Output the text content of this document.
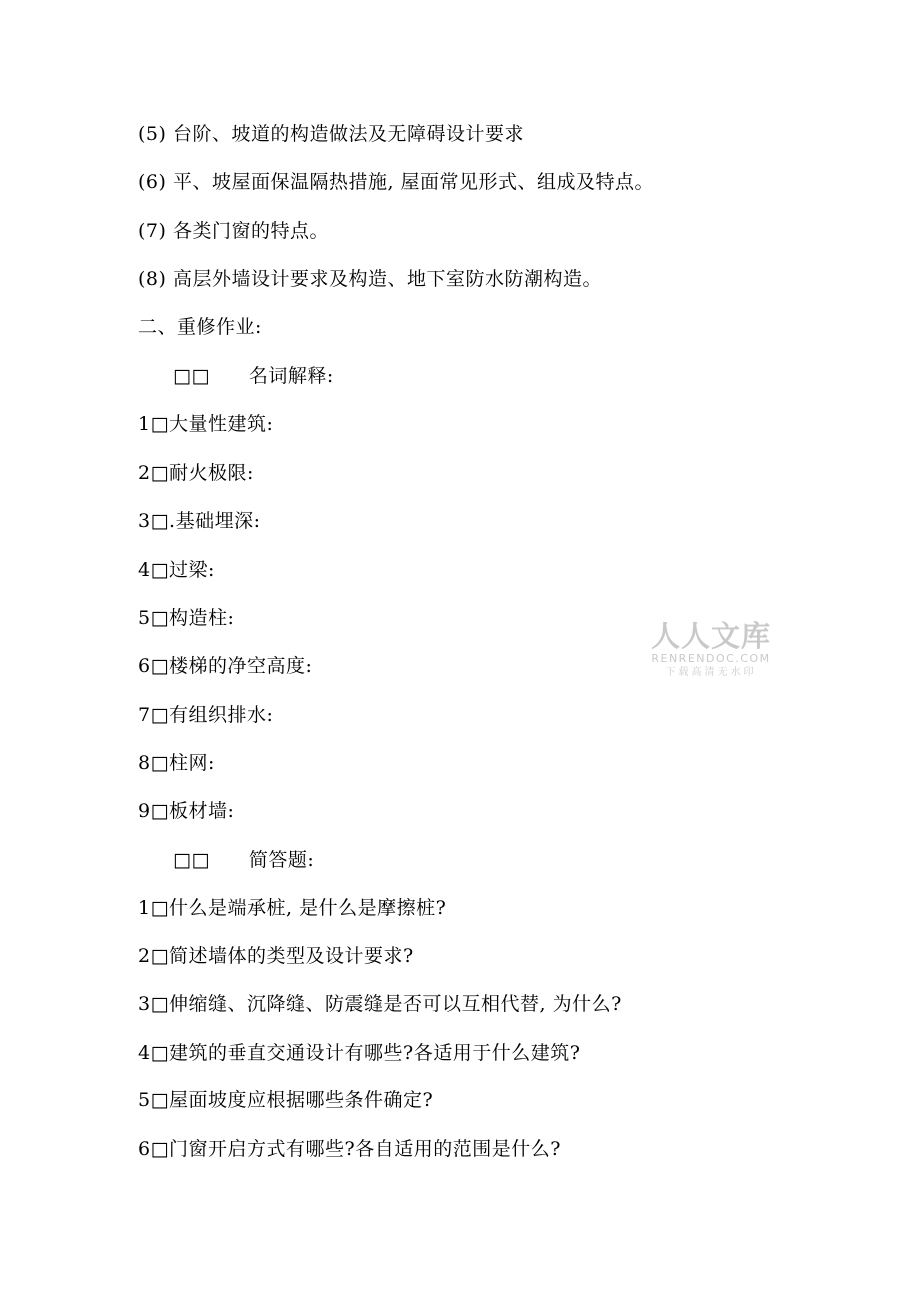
(5) 台阶、坡道的构造做法及无障碍设计要求
(6) 平、坡屋面保温隔热措施, 屋面常见形式、组成及特点。
(7) 各类门窗的特点。
(8) 高层外墙设计要求及构造、地下室防水防潮构造。
二、重修作业:
□□  名词解释:
1□大量性建筑:
2□耐火极限:
3□.基础埋深:
4□过梁:
5□构造柱:
6□楼梯的净空高度:
7□有组织排水:
8□柱网:
9□板材墙:
□□  简答题:
1□什么是端承桩, 是什么是摩擦桩?
2□简述墙体的类型及设计要求?
3□伸缩缝、沉降缝、防震缝是否可以互相代替, 为什么?
4□建筑的垂直交通设计有哪些?各适用于什么建筑?
5□屋面坡度应根据哪些条件确定?
6□门窗开启方式有哪些?各自适用的范围是什么?
人人文库
RENRENDOC.COM
下载高清无水印
